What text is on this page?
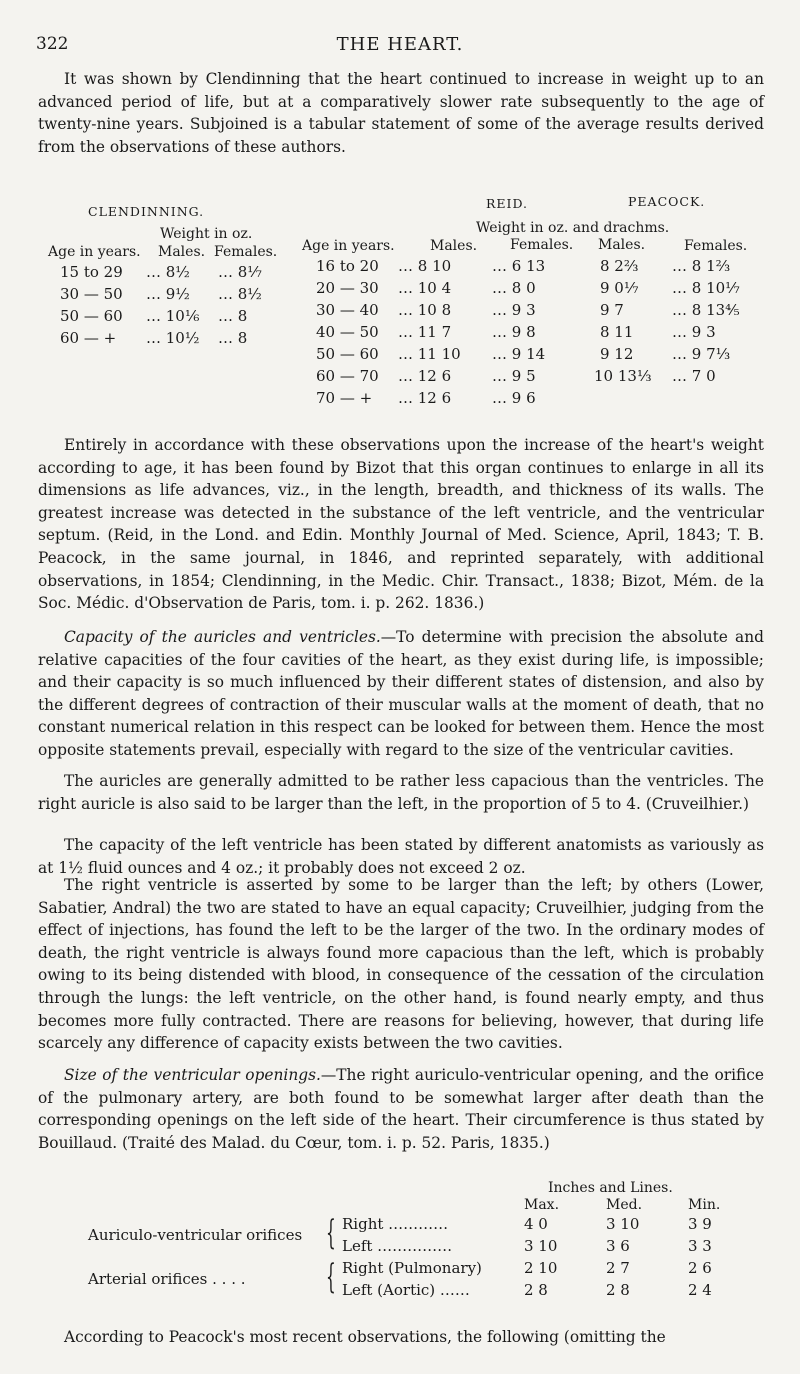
322	THE HEART.

It was shown by Clendinning that the heart continued to increase in weight up to an advanced period of life, but at a comparatively slower rate subsequently to the age of twenty-nine years. Subjoined is a tabular statement of some of the average results derived from the observations of these authors.

CLENDINNING.
Weight in oz.
Age in years. Males. Females.
15 to 29 … 8½ … 8⅐
30 — 50 … 9½ … 8½
50 — 60 … 10⅙ … 8
60 — + … 10½ … 8
REID.	PEACOCK.
Weight in oz. and drachms.
Age in years.	Males. Females. Males.	Females.
16 to 20 … 8 10	… 6 13	8 2⅔ … 8 1⅔
20 — 30 … 10 4	… 8 0	9 0⅐ … 8 10⅐
30 — 40 … 10 8	… 9 3	9 7	… 8 13⅘
40 — 50 … 11 7	… 9 8	8 11	… 9 3
50 — 60 … 11 10 … 9 14	9 12	… 9 7⅓
60 — 70 … 12 6	… 9 5	10 13⅓ … 7 0
70 — + … 12 6	… 9 6

Entirely in accordance with these observations upon the increase of the heart's weight according to age, it has been found by Bizot that this organ continues to enlarge in all its dimensions as life advances, viz., in the length, breadth, and thickness of its walls. The greatest increase was detected in the substance of the left ventricle, and the ventricular septum. (Reid, in the Lond. and Edin. Monthly Journal of Med. Science, April, 1843; T. B. Peacock, in the same journal, in 1846, and reprinted separately, with additional observations, in 1854; Clendinning, in the Medic. Chir. Transact., 1838; Bizot, Mém. de la Soc. Médic. d'Observation de Paris, tom. i. p. 262. 1836.)

Capacity of the auricles and ventricles.—To determine with precision the absolute and relative capacities of the four cavities of the heart, as they exist during life, is impossible; and their capacity is so much influenced by their different states of distension, and also by the different degrees of contraction of their muscular walls at the moment of death, that no constant numerical relation in this respect can be looked for between them. Hence the most opposite statements prevail, especially with regard to the size of the ventricular cavities.

The auricles are generally admitted to be rather less capacious than the ventricles. The right auricle is also said to be larger than the left, in the proportion of 5 to 4. (Cruveilhier.)

The capacity of the left ventricle has been stated by different anatomists as variously as at 1½ fluid ounces and 4 oz.; it probably does not exceed 2 oz.

The right ventricle is asserted by some to be larger than the left; by others (Lower, Sabatier, Andral) the two are stated to have an equal capacity; Cruveilhier, judging from the effect of injections, has found the left to be the larger of the two. In the ordinary modes of death, the right ventricle is always found more capacious than the left, which is probably owing to its being distended with blood, in consequence of the cessation of the circulation through the lungs: the left ventricle, on the other hand, is found nearly empty, and thus becomes more fully contracted. There are reasons for believing, however, that during life scarcely any difference of capacity exists between the two cavities.

Size of the ventricular openings.—The right auriculo-ventricular opening, and the orifice of the pulmonary artery, are both found to be somewhat larger after death than the corresponding openings on the left side of the heart. Their circumference is thus stated by Bouillaud. (Traité des Malad. du Cœur, tom. i. p. 52. Paris, 1835.)

Inches and Lines.
Max.	Med.	Min.
Auriculo-ventricular orifices { Right …………	4 0	3 10	3 9
Left ……………	3 10	3 6	3 3
Arterial orifices . . . . { Right (Pulmonary)	2 10	2 7	2 6
Left (Aortic) ……	2 8	2 8	2 4

According to Peacock's most recent observations, the following (omitting the
